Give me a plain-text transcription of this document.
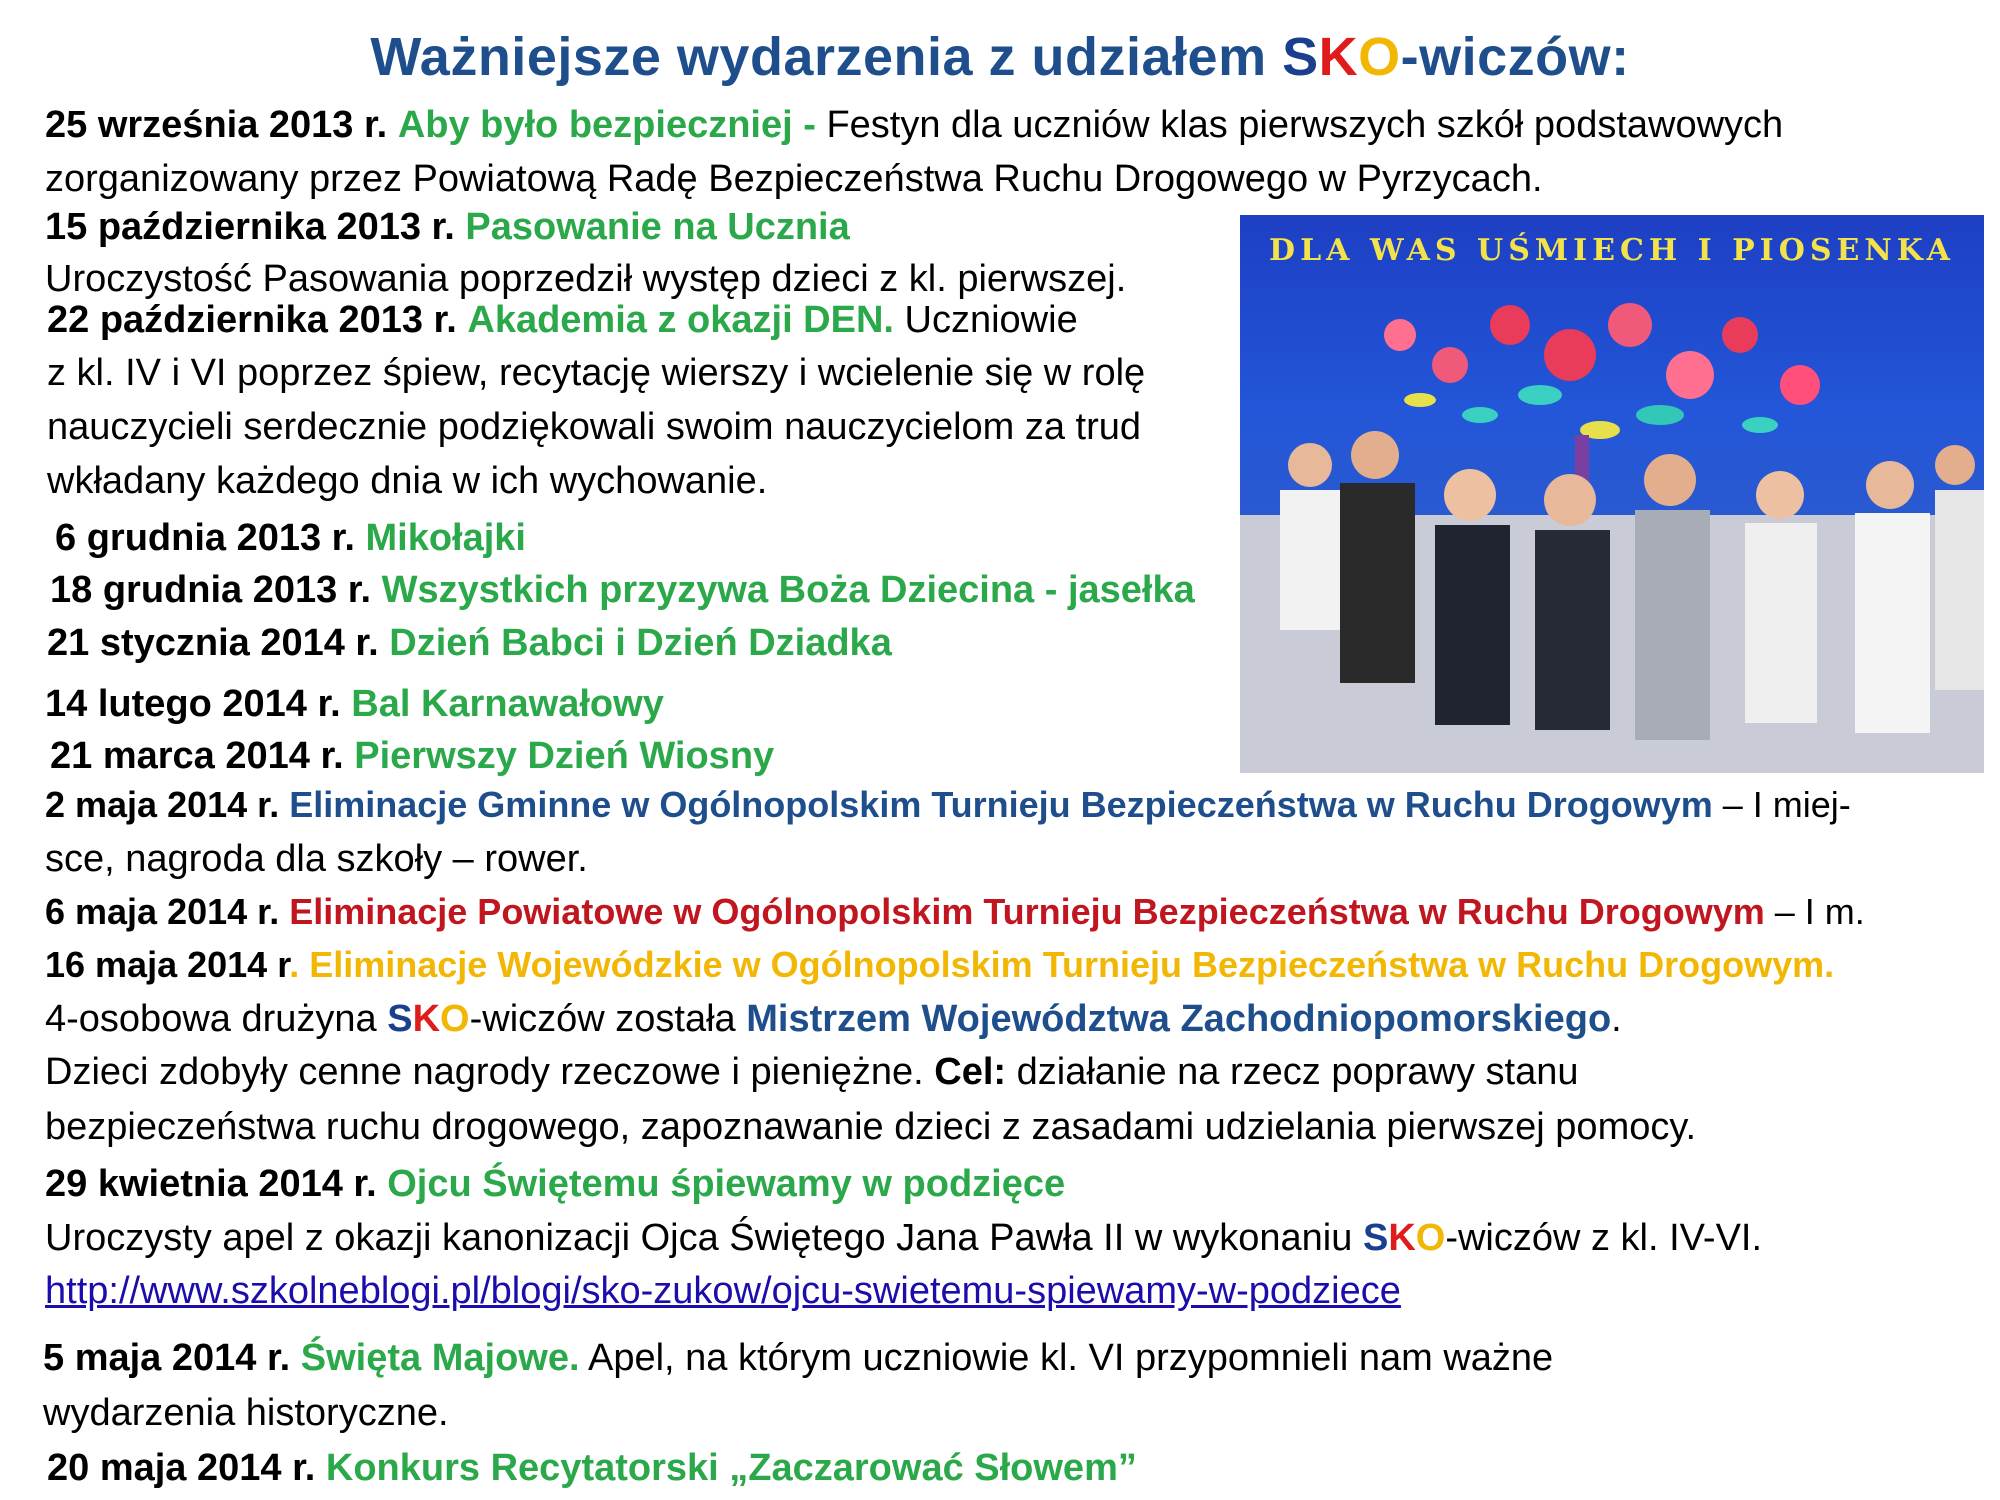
Ważniejsze wydarzenia z udziałem SKO-wiczów:
25 września 2013 r. Aby było bezpieczniej - Festyn dla uczniów klas pierwszych szkół podstawowych
zorganizowany przez Powiatową Radę Bezpieczeństwa Ruchu Drogowego w Pyrzycach.
15 października 2013 r. Pasowanie na Ucznia
Uroczystość Pasowania poprzedził występ dzieci z kl. pierwszej.
22 października 2013 r. Akademia z okazji DEN. Uczniowie
z kl. IV i VI poprzez śpiew, recytację wierszy i wcielenie się w rolę
nauczycieli serdecznie podziękowali swoim nauczycielom za trud
wkładany każdego dnia w ich wychowanie.
6 grudnia 2013 r. Mikołajki
18 grudnia 2013 r. Wszystkich przyzywa Boża Dziecina - jasełka
21 stycznia 2014 r. Dzień Babci i Dzień Dziadka
14 lutego 2014 r. Bal Karnawałowy
21 marca 2014 r. Pierwszy Dzień Wiosny
2 maja 2014 r. Eliminacje Gminne w Ogólnopolskim Turnieju Bezpieczeństwa w Ruchu Drogowym – I miej-
sce, nagroda dla szkoły – rower.
6 maja 2014 r. Eliminacje Powiatowe w Ogólnopolskim Turnieju Bezpieczeństwa w Ruchu Drogowym – I m.
16 maja 2014 r. Eliminacje Wojewódzkie w Ogólnopolskim Turnieju Bezpieczeństwa w Ruchu Drogowym.
4-osobowa drużyna SKO-wiczów została Mistrzem Województwa Zachodniopomorskiego.
Dzieci zdobyły cenne nagrody rzeczowe i pieniężne. Cel: działanie na rzecz poprawy stanu
bezpieczeństwa ruchu drogowego, zapoznawanie dzieci z zasadami udzielania pierwszej pomocy.
29 kwietnia 2014 r. Ojcu Świętemu śpiewamy w podzięce
Uroczysty apel z okazji kanonizacji Ojca Świętego Jana Pawła II w wykonaniu SKO-wiczów z kl. IV-VI.
http://www.szkolneblogi.pl/blogi/sko-zukow/ojcu-swietemu-spiewamy-w-podziece
5 maja 2014 r. Święta Majowe. Apel, na którym uczniowie kl. VI przypomnieli nam ważne
wydarzenia historyczne.
20 maja 2014 r. Konkurs Recytatorski „Zaczarować Słowem”
DLA WAS UŚMIECH I PIOSENKA
